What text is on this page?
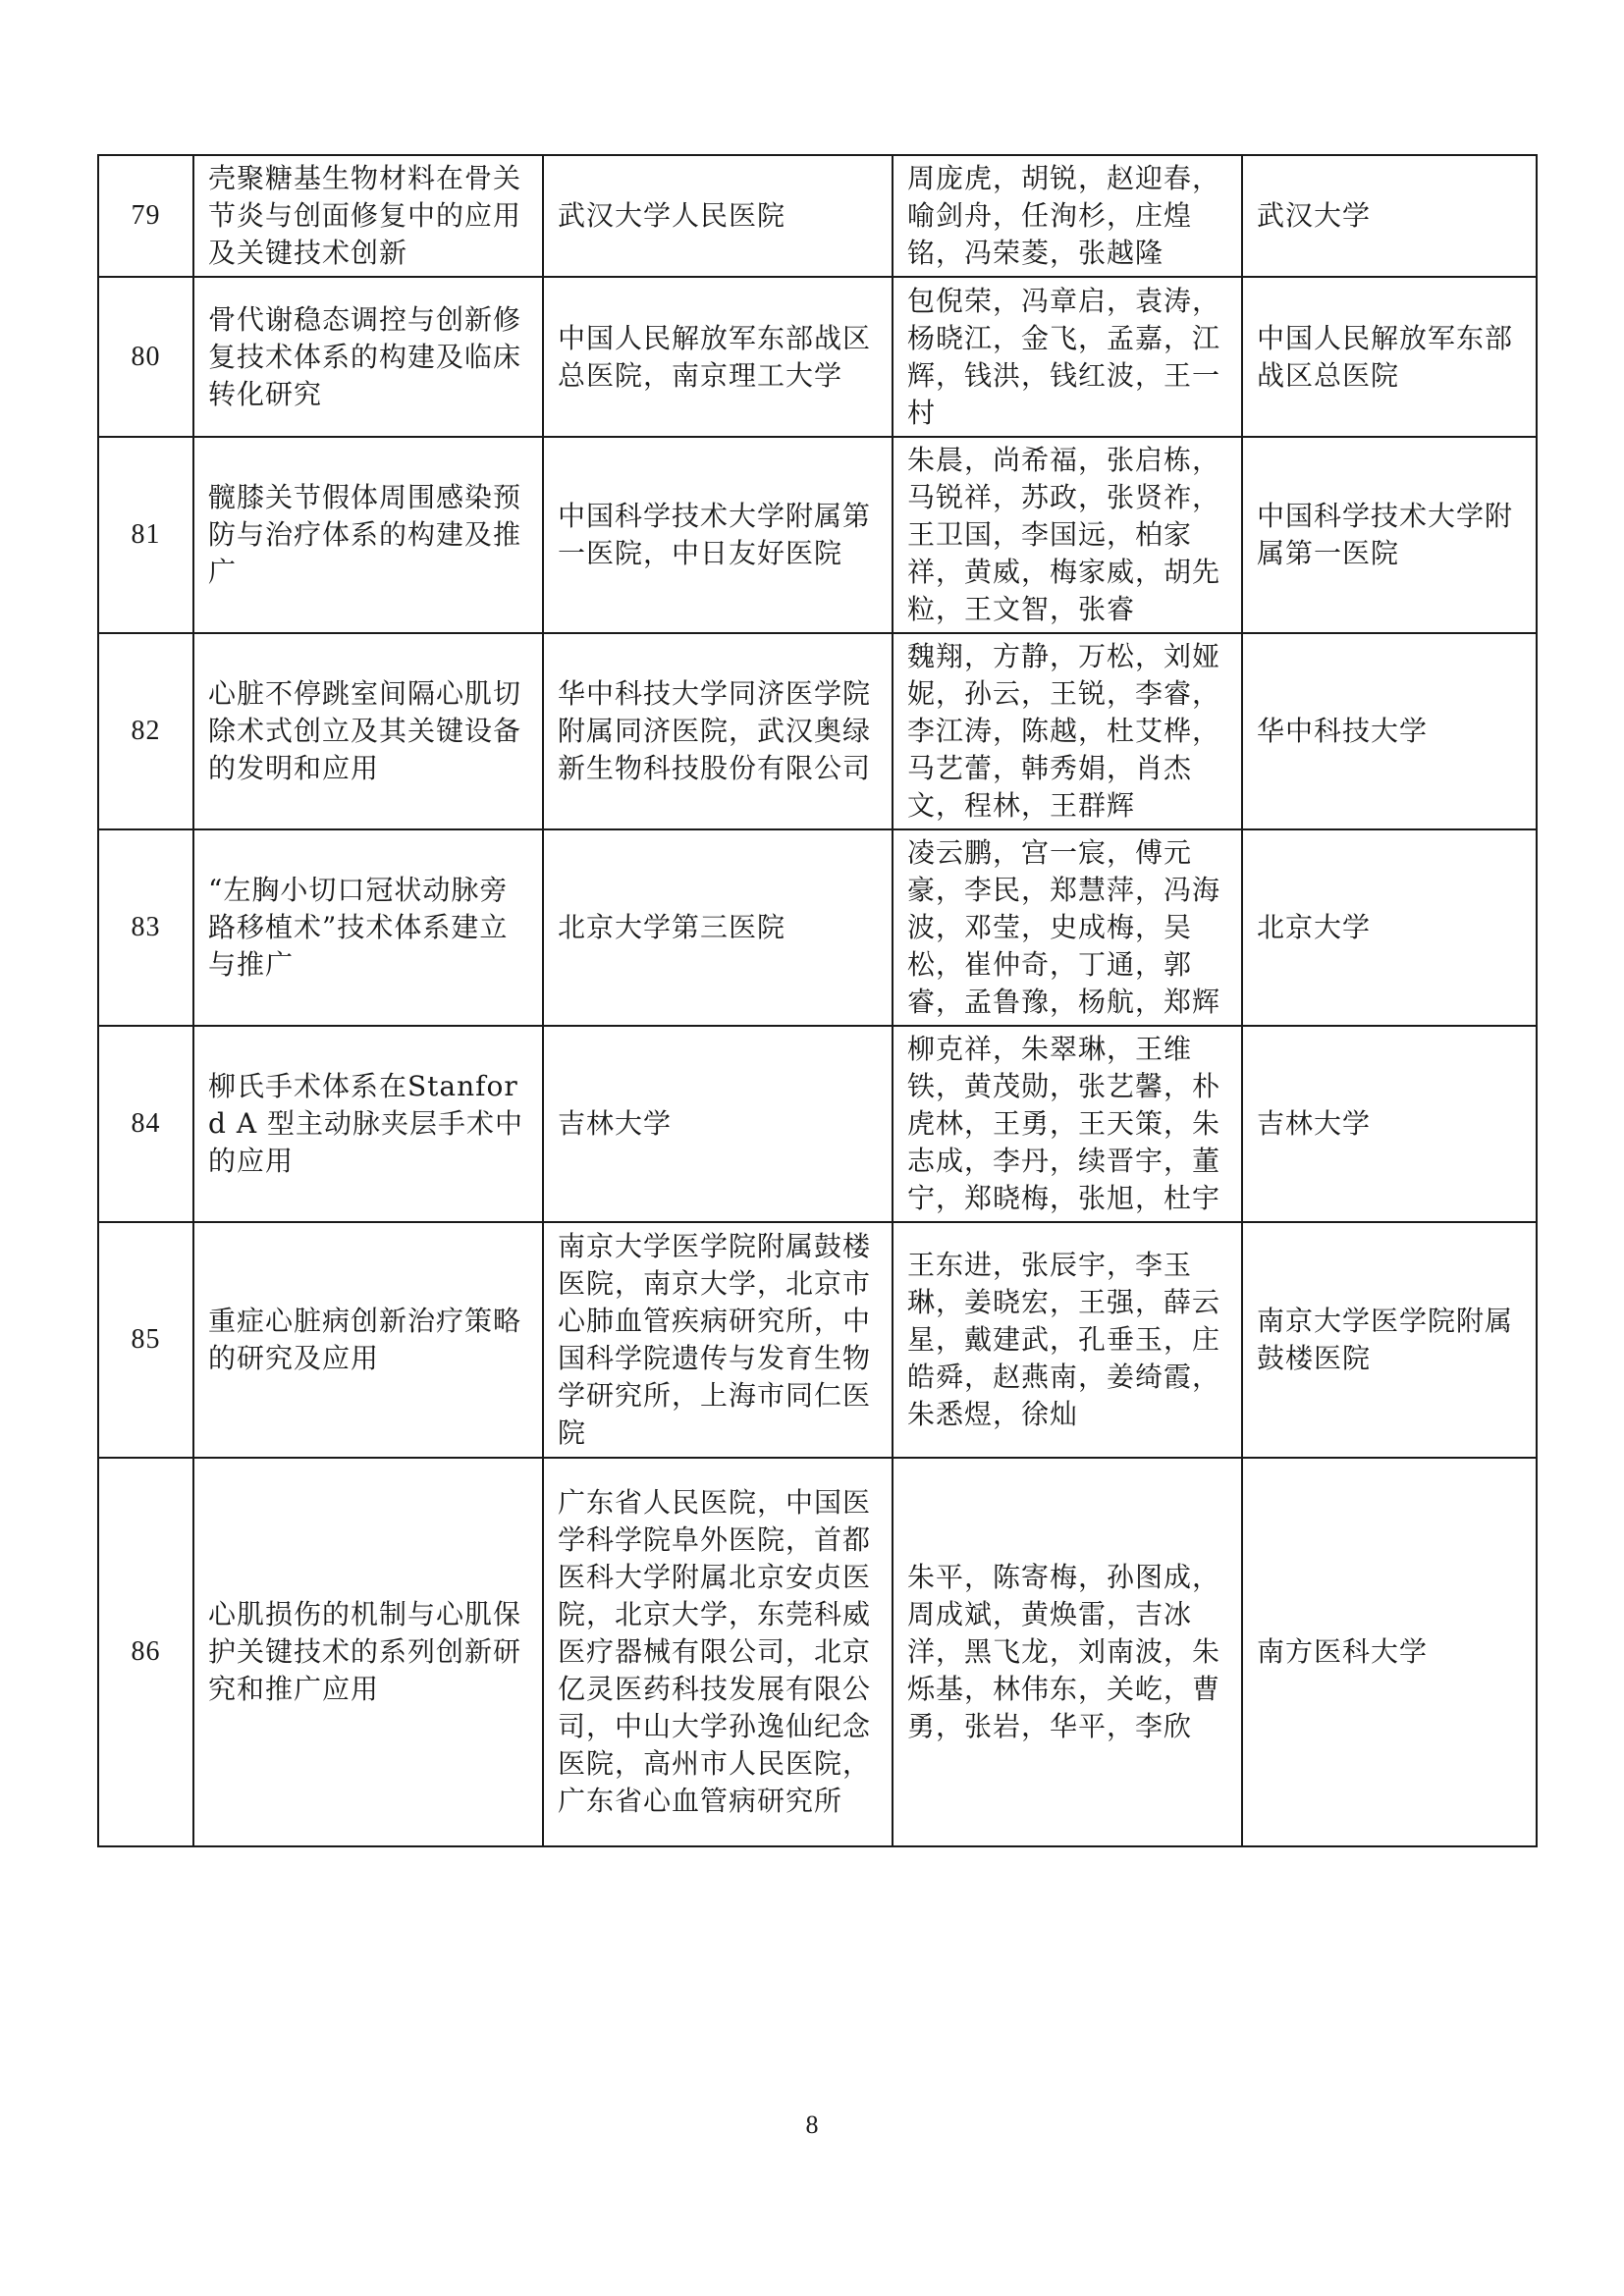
79	壳聚糖基生物材料在骨关节炎与创面修复中的应用及关键技术创新	武汉大学人民医院	周庞虎，胡锐，赵迎春，喻剑舟，任洵杉，庄煌铭，冯荣菱，张越隆	武汉大学
80	骨代谢稳态调控与创新修复技术体系的构建及临床转化研究	中国人民解放军东部战区总医院，南京理工大学	包倪荣，冯章启，袁涛，杨晓江，金飞，孟嘉，江辉，钱洪，钱红波，王一村	中国人民解放军东部战区总医院
81	髋膝关节假体周围感染预防与治疗体系的构建及推广	中国科学技术大学附属第一医院，中日友好医院	朱晨，尚希福，张启栋，马锐祥，苏政，张贤祚，王卫国，李国远，柏家祥，黄威，梅家威，胡先粒，王文智，张睿	中国科学技术大学附属第一医院
82	心脏不停跳室间隔心肌切除术式创立及其关键设备的发明和应用	华中科技大学同济医学院附属同济医院，武汉奥绿新生物科技股份有限公司	魏翔，方静，万松，刘娅妮，孙云，王锐，李睿，李江涛，陈越，杜艾桦，马艺蕾，韩秀娟，肖杰文，程林，王群辉	华中科技大学
83	“左胸小切口冠状动脉旁路移植术”技术体系建立与推广	北京大学第三医院	凌云鹏，宫一宸，傅元豪，李民，郑慧萍，冯海波，邓莹，史成梅，吴松，崔仲奇，丁通，郭睿，孟鲁豫，杨航，郑辉	北京大学
84	柳氏手术体系在Stanford A 型主动脉夹层手术中的应用	吉林大学	柳克祥，朱翠琳，王维铁，黄茂勋，张艺馨，朴虎林，王勇，王天策，朱志成，李丹，续晋宇，董宁，郑晓梅，张旭，杜宇	吉林大学
85	重症心脏病创新治疗策略的研究及应用	南京大学医学院附属鼓楼医院，南京大学，北京市心肺血管疾病研究所，中国科学院遗传与发育生物学研究所，上海市同仁医院	王东进，张辰宇，李玉琳，姜晓宏，王强，薛云星，戴建武，孔垂玉，庄皓舜，赵燕南，姜绮霞，朱悉煜，徐灿	南京大学医学院附属鼓楼医院
86	心肌损伤的机制与心肌保护关键技术的系列创新研究和推广应用	广东省人民医院，中国医学科学院阜外医院，首都医科大学附属北京安贞医院，北京大学，东莞科威医疗器械有限公司，北京亿灵医药科技发展有限公司，中山大学孙逸仙纪念医院，高州市人民医院，广东省心血管病研究所	朱平，陈寄梅，孙图成，周成斌，黄焕雷，吉冰洋，黑飞龙，刘南波，朱烁基，林伟东，关屹，曹勇，张岩，华平，李欣	南方医科大学
8
